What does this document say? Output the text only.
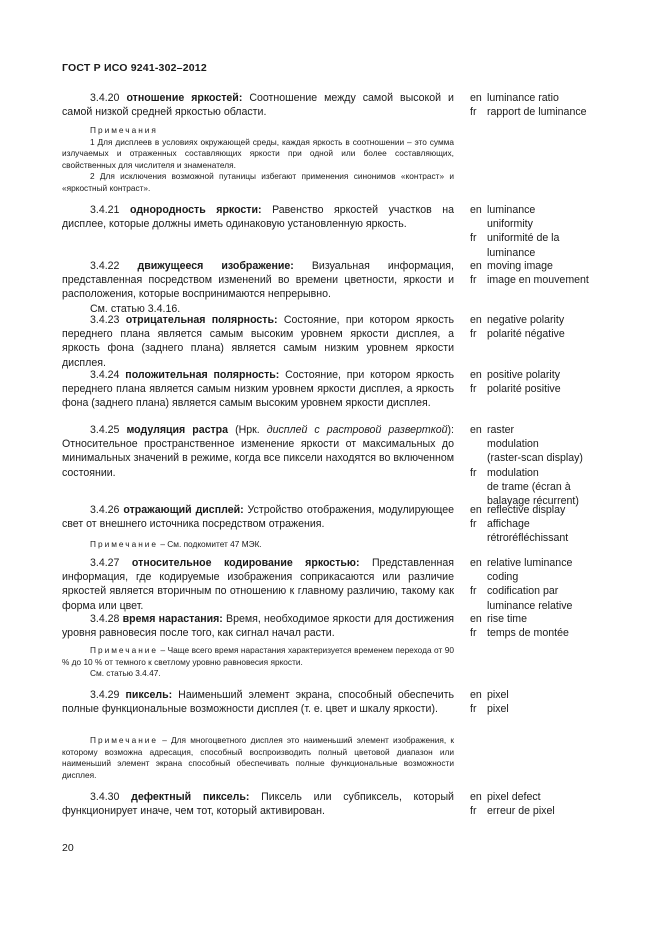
ГОСТ Р ИСО 9241-302–2012

3.4.20 отношение яркостей: Соотношение между самой высокой и самой низкой средней яркостью области.

Примечания

1 Для дисплеев в условиях окружающей среды, каждая яркость в соотношении – это сумма излучаемых и отраженных составляющих яркости при одной или более составляющих, свойственных для числителя и знаменателя.

2 Для исключения возможной путаницы избегают применения синонимов «контраст» и «яркостный контраст».

3.4.21 однородность яркости: Равенство яркостей участков на дисплее, которые должны иметь одинаковую установленную яркость.

3.4.22 движущееся изображение: Визуальная информация, представленная посредством изменений во времени цветности, яркости и расположения, которые воспринимаются непрерывно.

См. статью 3.4.16.

3.4.23 отрицательная полярность: Состояние, при котором яркость переднего плана является самым высоким уровнем яркости дисплея, а яркость фона (заднего плана) является самым низким уровнем яркости дисплея.

3.4.24 положительная полярность: Состояние, при котором яркость переднего плана является самым низким уровнем яркости дисплея, а яркость фона (заднего плана) является самым высоким уровнем яркости дисплея.

3.4.25 модуляция растра (Нрк. дисплей с растровой разверткой): Относительное пространственное изменение яркости от максимальных до минимальных значений в режиме, когда все пиксели находятся во включенном состоянии.

3.4.26 отражающий дисплей: Устройство отображения, модулирующее свет от внешнего источника посредством отражения.

Примечание – См. подкомитет 47 МЭК.

3.4.27 относительное кодирование яркостью: Представленная информация, где кодируемые изображения соприкасаются или различие яркостей является вторичным по отношению к главному различию, такому как форма или цвет.

3.4.28 время нарастания: Время, необходимое яркости для достижения уровня равновесия после того, как сигнал начал расти.

Примечание – Чаще всего время нарастания характеризуется временем перехода от 90 % до 10 % от темного к светлому уровню равновесия яркости.

См. статью 3.4.47.

3.4.29 пиксель: Наименьший элемент экрана, способный обеспечить полные функциональные возможности дисплея (т. е. цвет и шкалу яркости).

Примечание – Для многоцветного дисплея это наименьший элемент изображения, к которому возможна адресация, способный воспроизводить полный цветовой диапазон или наименьший элемент экрана способный обеспечивать полные функциональные возможности дисплея.

3.4.30 дефектный пиксель: Пиксель или субпиксель, который функционирует иначе, чем тот, который активирован.

en luminance ratio
fr rapport de luminance
en luminance
uniformity
fr uniformité de la
luminance
en moving image
fr image en mouvement
en negative polarity
fr polarité négative
en positive polarity
fr polarité positive
en raster
modulation
(raster-scan display)
fr modulation
de trame (écran à
balayage récurrent)
en reflective display
fr affichage
rétroréfléchissant
en relative luminance
coding
fr codification par
luminance relative
en rise time
fr temps de montée
en pixel
fr pixel
en pixel defect
fr erreur de pixel
20
